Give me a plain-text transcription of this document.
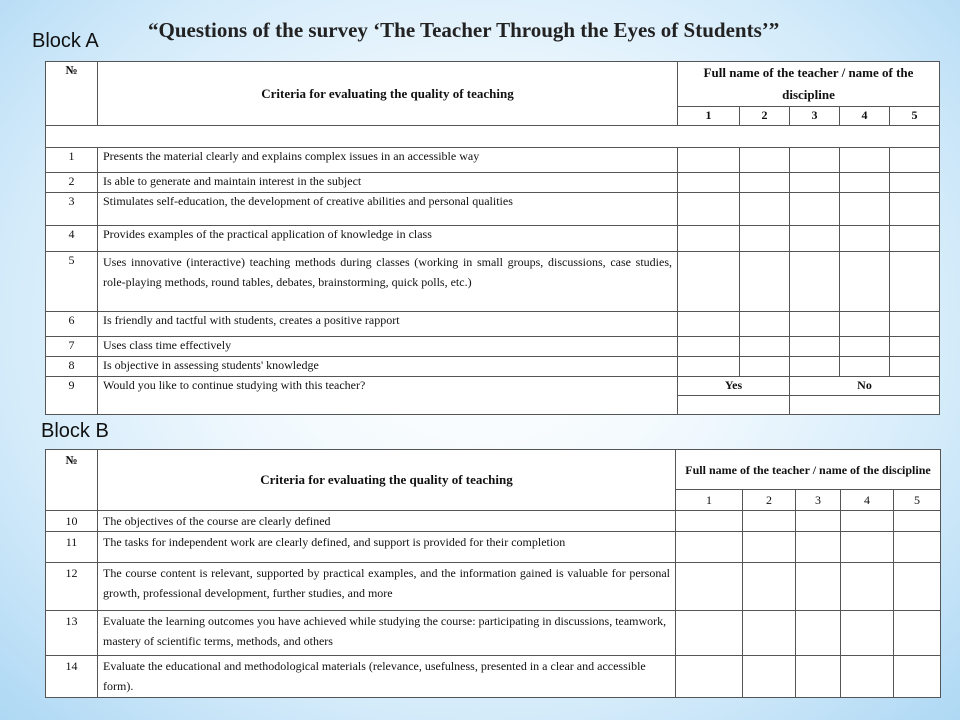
“Questions of the survey ‘The Teacher Through the Eyes of Students’”
Block A
Block B
№	Criteria for evaluating the quality of teaching	Full name of the teacher / name of the discipline				
		1	2	3	4	5

1	Presents the material clearly and explains complex issues in an accessible way					
2	Is able to generate and maintain interest in the subject					
3	Stimulates self-education, the development of creative abilities and personal qualities					
4	Provides examples of the practical application of knowledge in class					
5	Uses innovative (interactive) teaching methods during classes (working in small groups, discussions, case studies, role-playing methods, round tables, debates, brainstorming, quick polls, etc.)					
6	Is friendly and tactful with students, creates a positive rapport					
7	Uses class time effectively					
8	Is objective in assessing students' knowledge					
9	Would you like to continue studying with this teacher?	Yes		No		

№	Criteria for evaluating the quality of teaching	Full name of the teacher / name of the discipline				
		1	2	3	4	5
10	The objectives of the course are clearly defined					
11	The tasks for independent work are clearly defined, and support is provided for their completion					
12	The course content is relevant, supported by practical examples, and the information gained is valuable for personal growth, professional development, further studies, and more					
13	Evaluate the learning outcomes you have achieved while studying the course: participating in discussions, teamwork, mastery of scientific terms, methods, and others					
14	Evaluate the educational and methodological materials (relevance, usefulness, presented in a clear and accessible form).					
